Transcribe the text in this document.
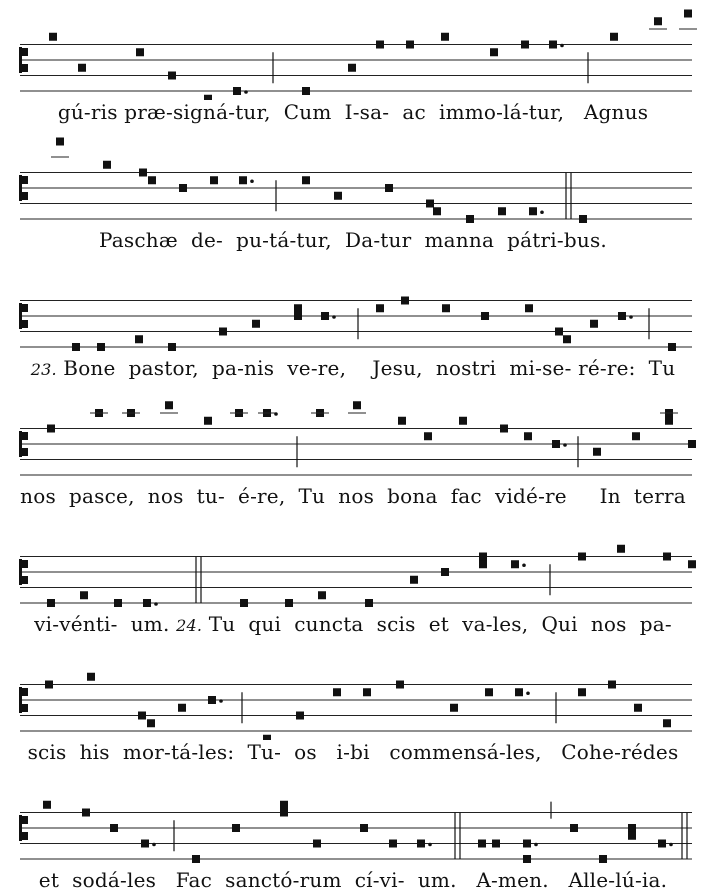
gú-ris præ-signá-tur,  Cum  I-sa-  ac  immo-lá-tur,   Agnus
Paschæ  de-  pu-tá-tur,  Da-tur  manna  pátri-bus.
23. Bone  pastor,  pa-nis  ve-re,    Jesu,  nostri  mi-se- ré-re:  Tu
nos  pasce,  nos  tu-  é-re,  Tu  nos  bona  fac  vidé-re     In  terra
vi-vénti-  um. 24. Tu  qui  cuncta  scis  et  va-les,  Qui  nos  pa-
scis  his  mor-tá-les:  Tu-  os   i-bi   commensá-les,   Cohe-rédes
et  sodá-les   Fac  sanctó-rum  cí-vi-  um.   A-men.   Alle-lú-ia.
